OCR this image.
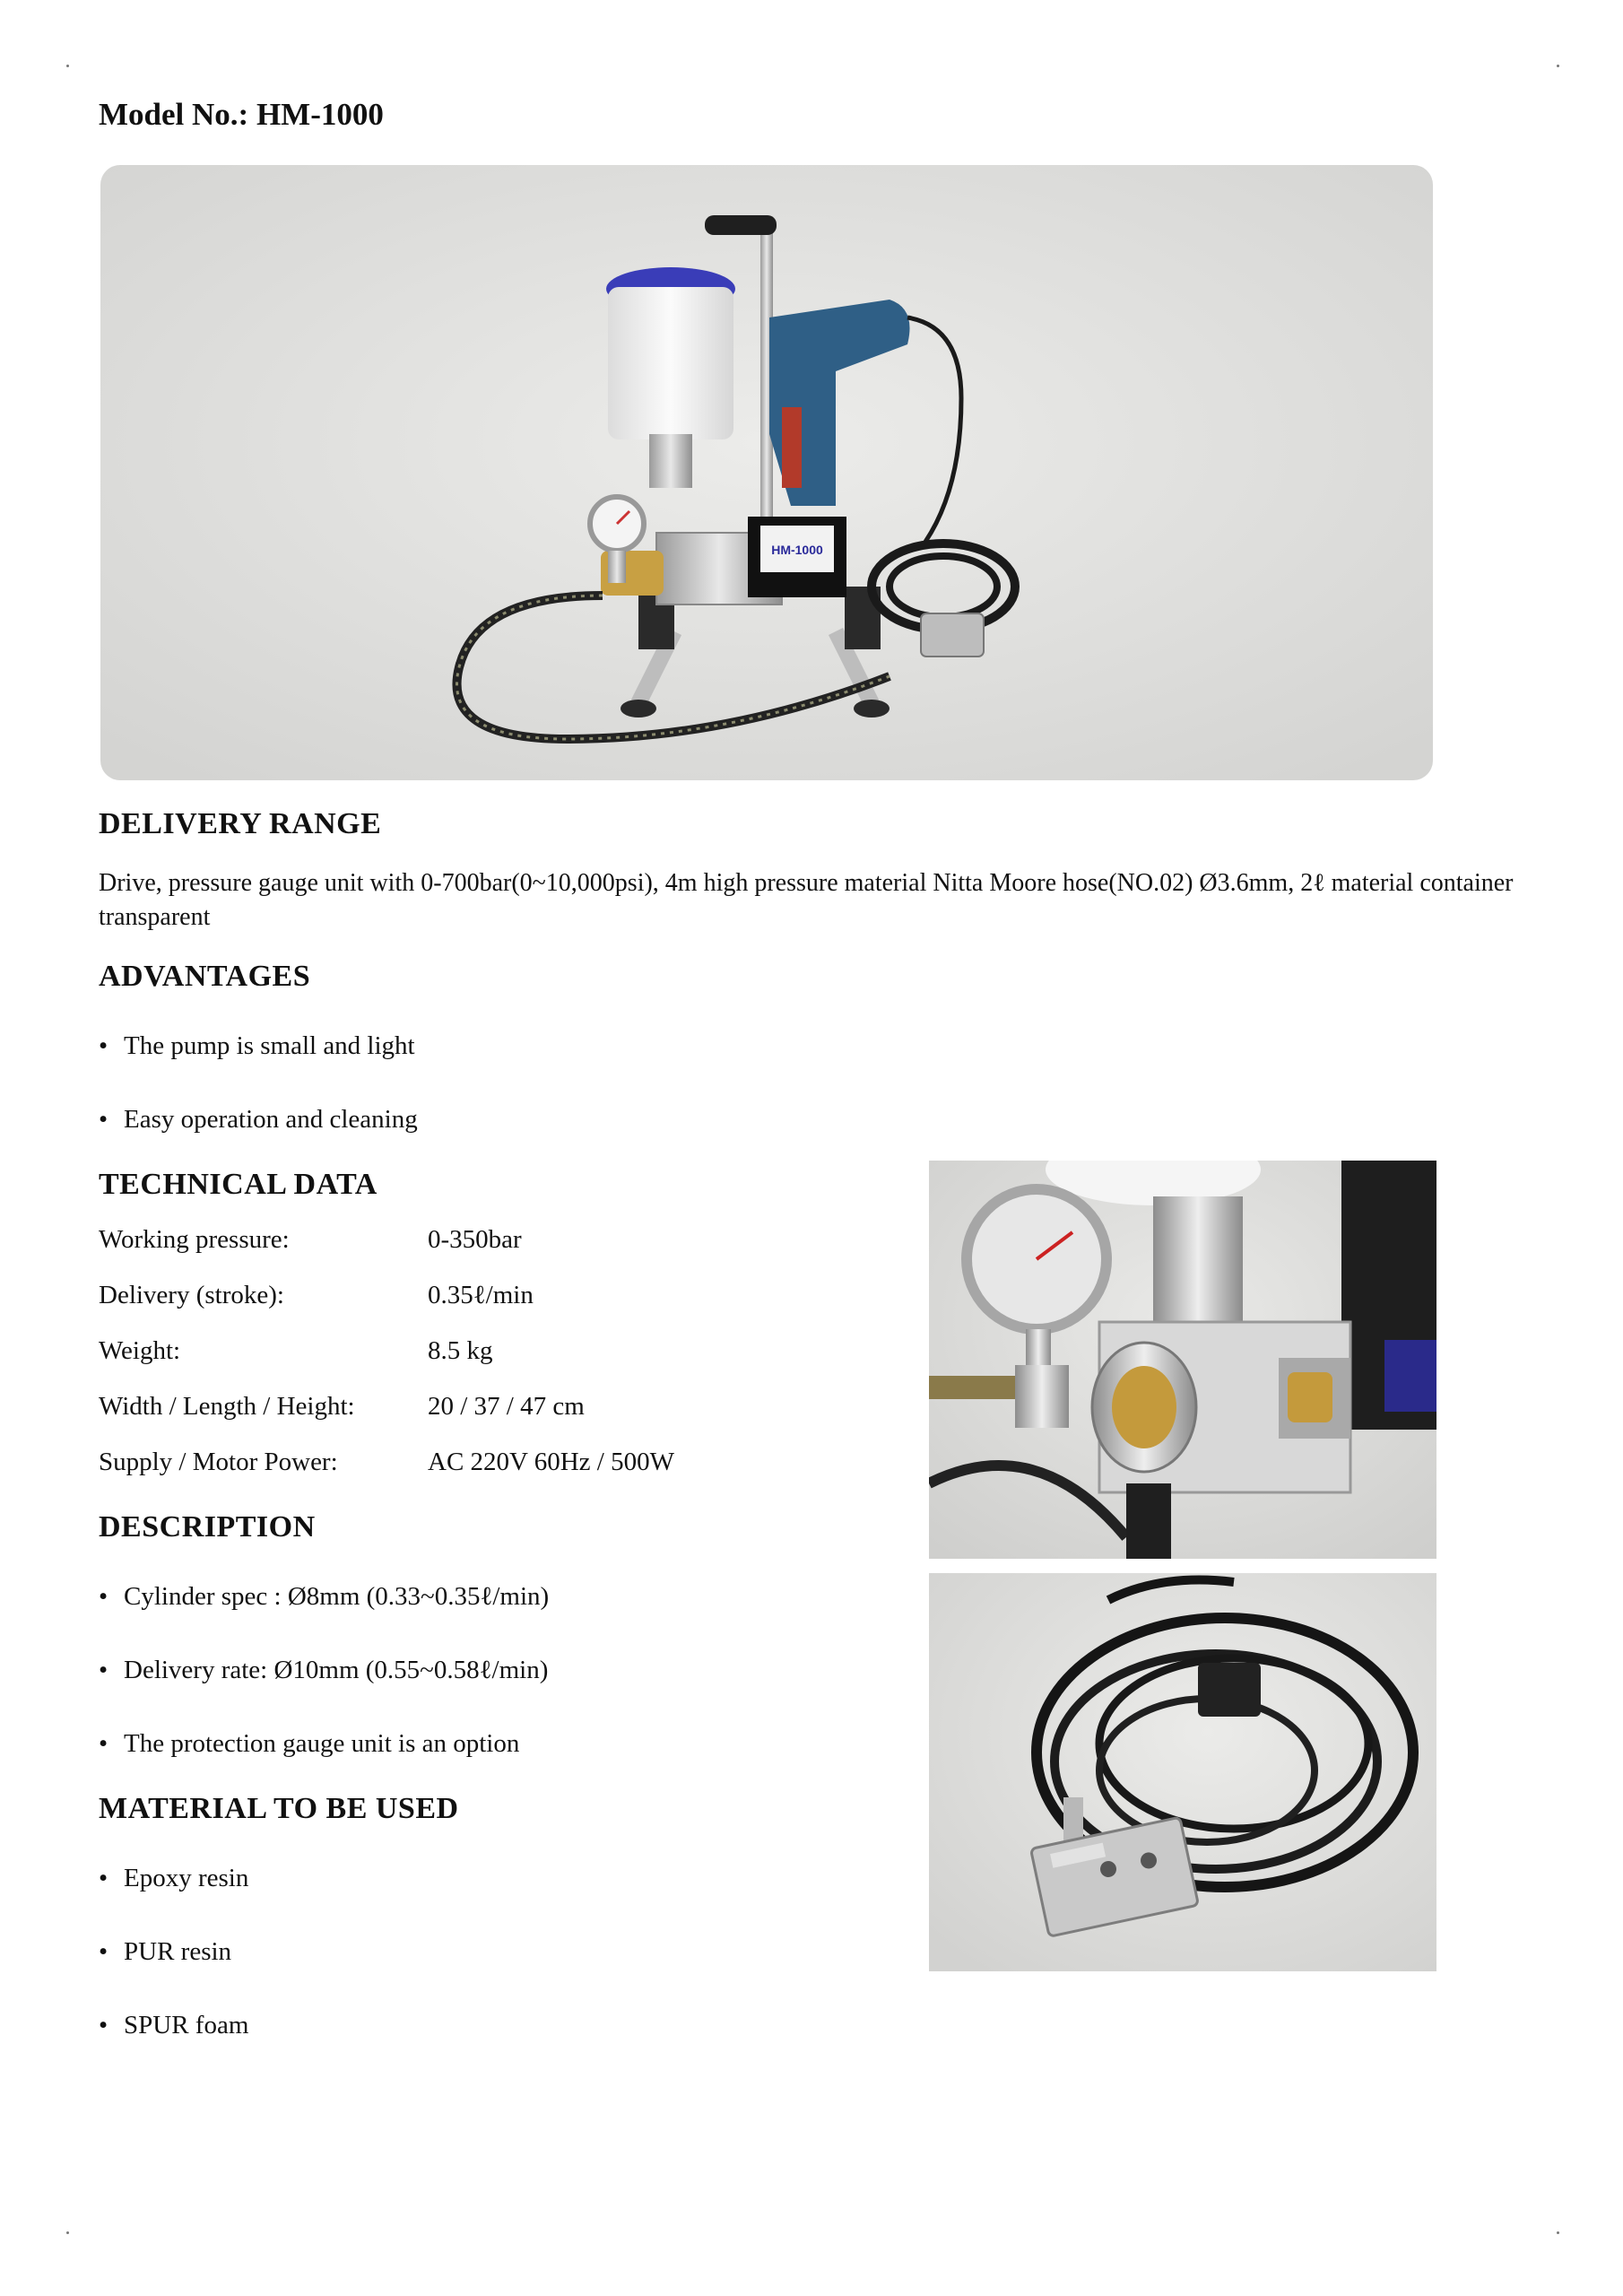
Model No.: HM-1000
HM-1000
DELIVERY RANGE

Drive, pressure gauge unit with 0-700bar(0~10,000psi), 4m high pressure material Nitta Moore hose(NO.02) Ø3.6mm, 2ℓ material container transparent

ADVANTAGES
• The pump is small and light
• Easy operation and cleaning
TECHNICAL DATA
Working pressure:	0-350bar
Delivery (stroke):	0.35ℓ/min
Weight:	8.5 kg
Width / Length / Height:	20 / 37 / 47 cm
Supply / Motor Power:	AC 220V 60Hz / 500W
DESCRIPTION
• Cylinder spec : Ø8mm (0.33~0.35ℓ/min)
• Delivery rate: Ø10mm (0.55~0.58ℓ/min)
• The protection gauge unit is an option
MATERIAL TO BE USED
• Epoxy resin
• PUR resin
• SPUR foam
